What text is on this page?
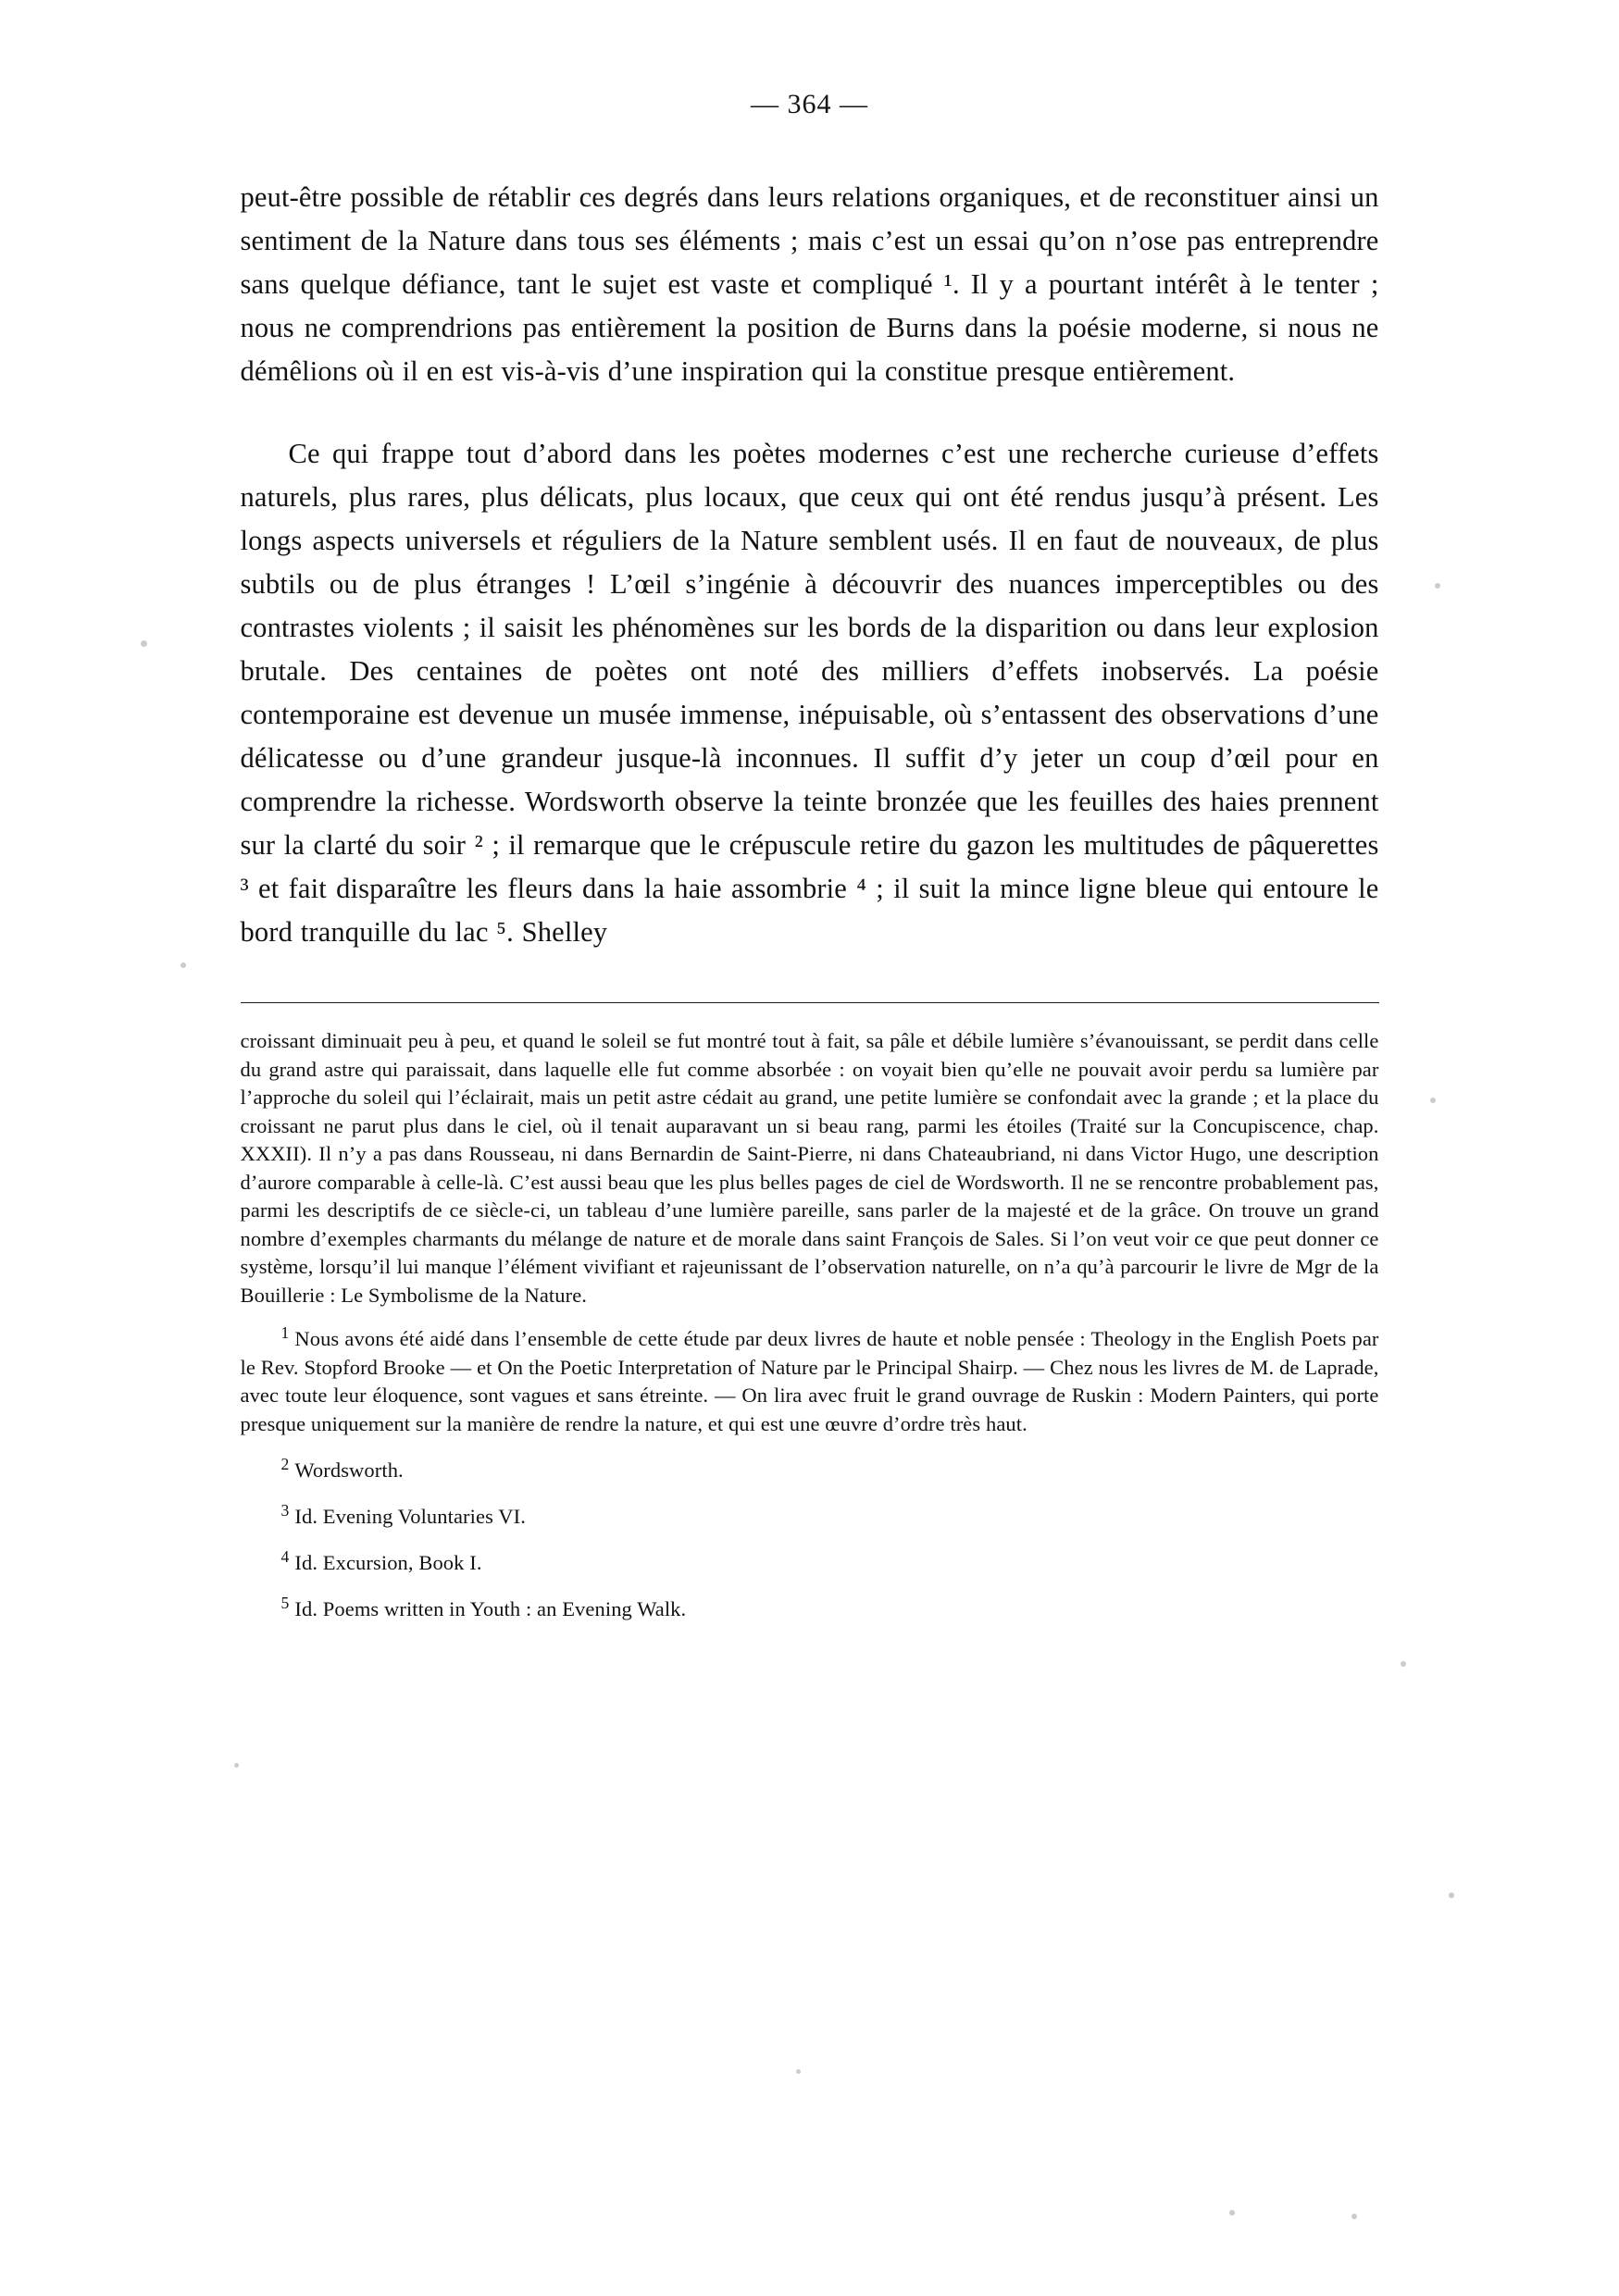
— 364 —

peut-être possible de rétablir ces degrés dans leurs relations organiques, et de reconstituer ainsi un sentiment de la Nature dans tous ses éléments ; mais c’est un essai qu’on n’ose pas entreprendre sans quelque défiance, tant le sujet est vaste et compliqué ¹. Il y a pourtant intérêt à le tenter ; nous ne comprendrions pas entièrement la position de Burns dans la poésie moderne, si nous ne démêlions où il en est vis-à-vis d’une inspiration qui la constitue presque entièrement.

Ce qui frappe tout d’abord dans les poètes modernes c’est une recherche curieuse d’effets naturels, plus rares, plus délicats, plus locaux, que ceux qui ont été rendus jusqu’à présent. Les longs aspects universels et réguliers de la Nature semblent usés. Il en faut de nouveaux, de plus subtils ou de plus étranges ! L’œil s’ingénie à découvrir des nuances imperceptibles ou des contrastes violents ; il saisit les phénomènes sur les bords de la disparition ou dans leur explosion brutale. Des centaines de poètes ont noté des milliers d’effets inobservés. La poésie contemporaine est devenue un musée immense, inépuisable, où s’entassent des observations d’une délicatesse ou d’une grandeur jusque-là inconnues. Il suffit d’y jeter un coup d’œil pour en comprendre la richesse. Wordsworth observe la teinte bronzée que les feuilles des haies prennent sur la clarté du soir ² ; il remarque que le crépuscule retire du gazon les multitudes de pâquerettes ³ et fait disparaître les fleurs dans la haie assombrie ⁴ ; il suit la mince ligne bleue qui entoure le bord tranquille du lac ⁵. Shelley

croissant diminuait peu à peu, et quand le soleil se fut montré tout à fait, sa pâle et débile lumière s’évanouissant, se perdit dans celle du grand astre qui paraissait, dans laquelle elle fut comme absorbée : on voyait bien qu’elle ne pouvait avoir perdu sa lumière par l’approche du soleil qui l’éclairait, mais un petit astre cédait au grand, une petite lumière se confondait avec la grande ; et la place du croissant ne parut plus dans le ciel, où il tenait auparavant un si beau rang, parmi les étoiles (Traité sur la Concupiscence, chap. XXXII). Il n’y a pas dans Rousseau, ni dans Bernardin de Saint-Pierre, ni dans Chateaubriand, ni dans Victor Hugo, une description d’aurore comparable à celle-là. C’est aussi beau que les plus belles pages de ciel de Wordsworth. Il ne se rencontre probablement pas, parmi les descriptifs de ce siècle-ci, un tableau d’une lumière pareille, sans parler de la majesté et de la grâce. On trouve un grand nombre d’exemples charmants du mélange de nature et de morale dans saint François de Sales. Si l’on veut voir ce que peut donner ce système, lorsqu’il lui manque l’élément vivifiant et rajeunissant de l’observation naturelle, on n’a qu’à parcourir le livre de Mgr de la Bouillerie : Le Symbolisme de la Nature.

$^1$ Nous avons été aidé dans l’ensemble de cette étude par deux livres de haute et noble pensée : Theology in the English Poets par le Rev. Stopford Brooke — et On the Poetic Interpretation of Nature par le Principal Shairp. — Chez nous les livres de M. de Laprade, avec toute leur éloquence, sont vagues et sans étreinte. — On lira avec fruit le grand ouvrage de Ruskin : Modern Painters, qui porte presque uniquement sur la manière de rendre la nature, et qui est une œuvre d’ordre très haut.

$^2$ Wordsworth.

$^3$ Id. Evening Voluntaries VI.

$^4$ Id. Excursion, Book I.

$^5$ Id. Poems written in Youth : an Evening Walk.
